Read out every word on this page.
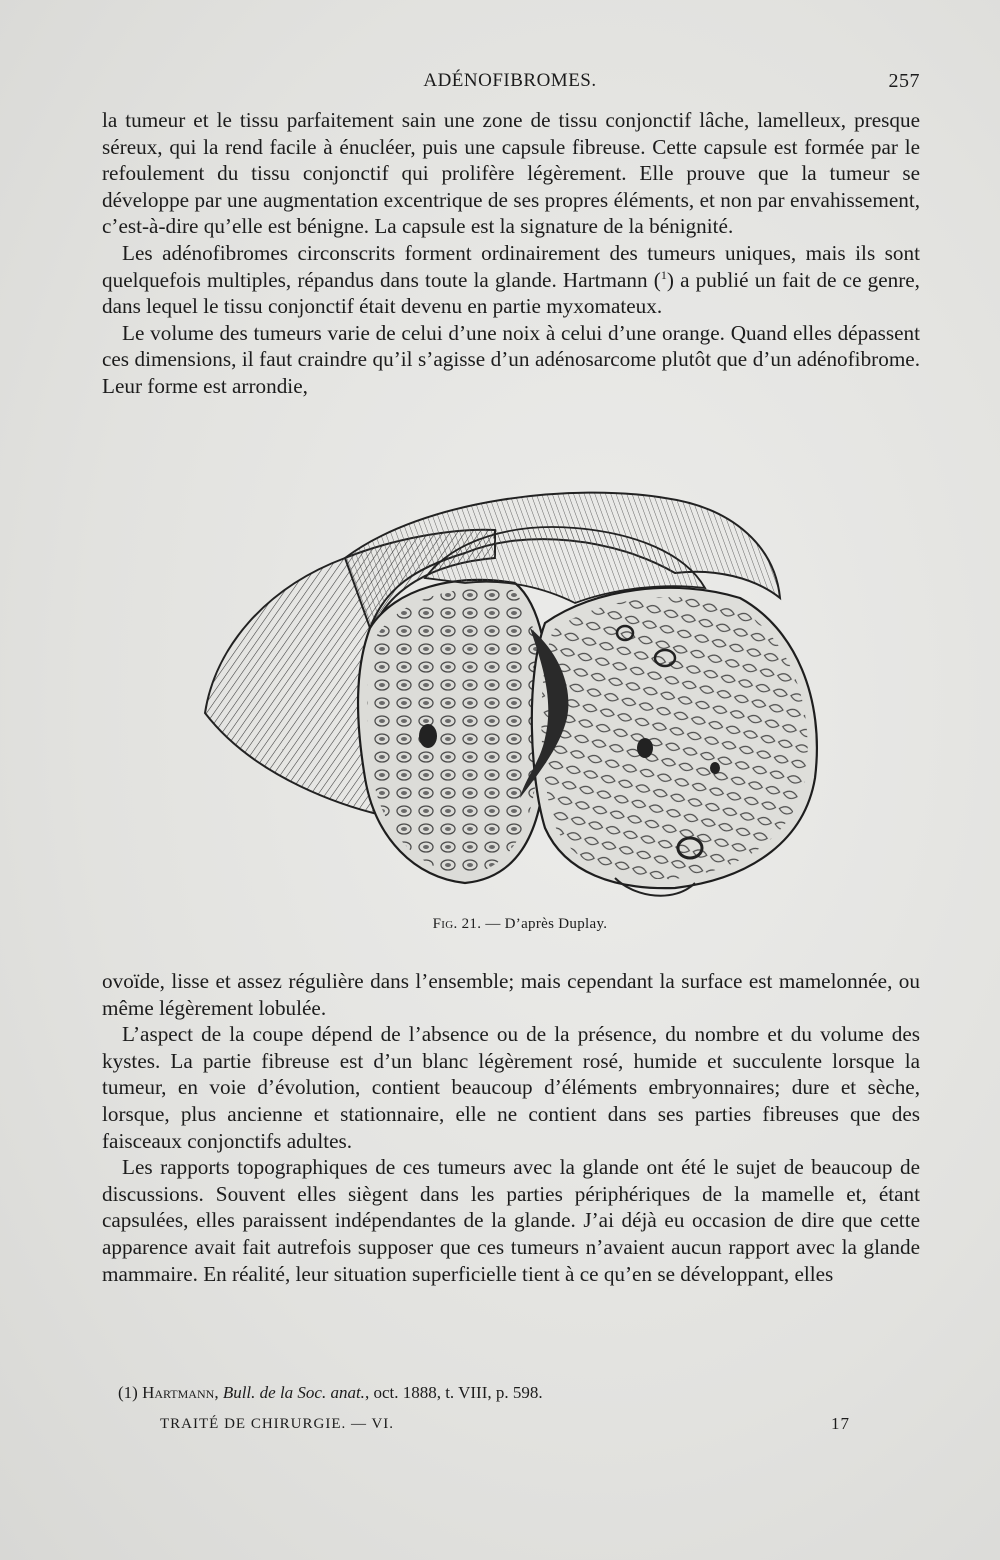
ADÉNOFIBROMES.	257

la tumeur et le tissu parfaitement sain une zone de tissu conjonctif lâche, lamelleux, presque séreux, qui la rend facile à énucléer, puis une capsule fibreuse. Cette capsule est formée par le refoulement du tissu conjonctif qui prolifère légèrement. Elle prouve que la tumeur se développe par une augmentation excentrique de ses propres éléments, et non par envahissement, c’est-à-dire qu’elle est bénigne. La capsule est la signature de la bénignité.

Les adénofibromes circonscrits forment ordinairement des tumeurs uniques, mais ils sont quelquefois multiples, répandus dans toute la glande. Hartmann ($^1$) a publié un fait de ce genre, dans lequel le tissu conjonctif était devenu en partie myxomateux.

Le volume des tumeurs varie de celui d’une noix à celui d’une orange. Quand elles dépassent ces dimensions, il faut craindre qu’il s’agisse d’un adénosarcome plutôt que d’un adénofibrome. Leur forme est arrondie,

Fig. 21. — D’après Duplay.

ovoïde, lisse et assez régulière dans l’ensemble; mais cependant la surface est mamelonnée, ou même légèrement lobulée.

L’aspect de la coupe dépend de l’absence ou de la présence, du nombre et du volume des kystes. La partie fibreuse est d’un blanc légèrement rosé, humide et succulente lorsque la tumeur, en voie d’évolution, contient beaucoup d’éléments embryonnaires; dure et sèche, lorsque, plus ancienne et stationnaire, elle ne contient dans ses parties fibreuses que des faisceaux conjonctifs adultes.

Les rapports topographiques de ces tumeurs avec la glande ont été le sujet de beaucoup de discussions. Souvent elles siègent dans les parties périphériques de la mamelle et, étant capsulées, elles paraissent indépendantes de la glande. J’ai déjà eu occasion de dire que cette apparence avait fait autrefois supposer que ces tumeurs n’avaient aucun rapport avec la glande mammaire. En réalité, leur situation superficielle tient à ce qu’en se développant, elles

(1) Hartmann, Bull. de la Soc. anat., oct. 1888, t. VIII, p. 598.
TRAITÉ DE CHIRURGIE. — VI.	17
